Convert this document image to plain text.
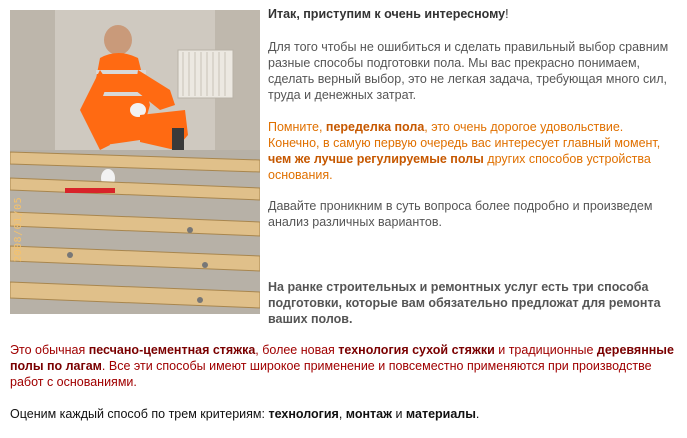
2008/01/05

Итак, приступим к очень интересному!

Для того чтобы не ошибиться и сделать правильный выбор сравним разные способы подготовки пола. Мы вас прекрасно понимаем, сделать верный выбор, это не легкая задача, требующая много сил, труда и денежных затрат.

Помните, переделка пола, это очень дорогое удовольствие. Конечно, в самую первую очередь вас интересует главный момент, чем же лучше регулируемые полы других способов устройства основания.

Давайте проникним в суть вопроса более подробно и произведем анализ различных вариантов.

На ранке строительных и ремонтных услуг есть три способа подготовки, которые вам обязательно предложат для ремонта ваших полов.

Это обычная песчано-цементная стяжка, более новая технология сухой стяжки и традиционные деревянные полы по лагам. Все эти способы имеют широкое применение и повсеместно применяются при производстве работ с основаниями.

Оценим каждый способ по трем критериям: технология, монтаж и материалы.
